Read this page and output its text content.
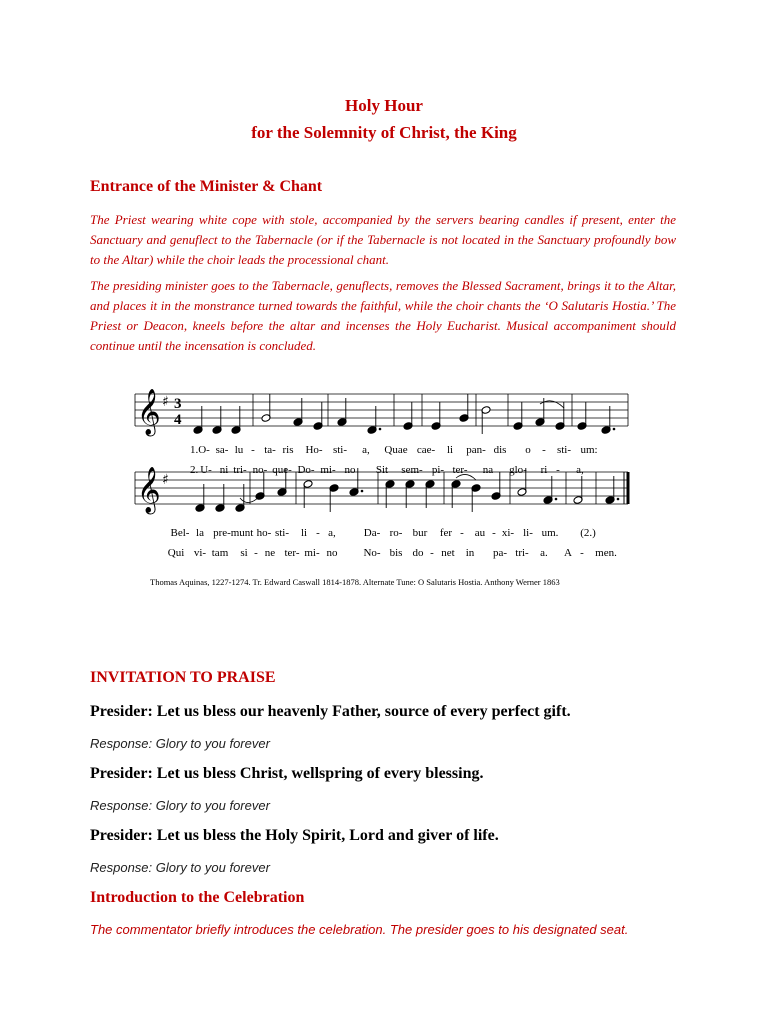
Holy Hour
for the Solemnity of Christ, the King
Entrance of the Minister & Chant
The Priest wearing white cope with stole, accompanied by the servers bearing candles if present, enter the Sanctuary and genuflect to the Tabernacle (or if the Tabernacle is not located in the Sanctuary profoundly bow to the Altar) while the choir leads the processional chant.
The presiding minister goes to the Tabernacle, genuflects, removes the Blessed Sacrament, brings it to the Altar, and places it in the monstrance turned towards the faithful, while the choir chants the ‘O Salutaris Hostia.’ The Priest or Deacon, kneels before the altar and incenses the Holy Eucharist. Musical accompaniment should continue until the incensation is concluded.
𝄞 ♯ 3
4
𝄞 ♯
O- sa- lu - ta- ris Ho- sti- a, Quae cae- li pan- dis o - sti- um:
U- ni tri- no- que- Do- mi- no Sit sem- pi- ter- na glo- ri - a,
Bel- la pre- munt ho- sti- li - a,	Da- ro- bur fer - au - xi- li- um. (2.)
Qui vi- tam si - ne ter- mi- no No- bis do - net in pa- tri- a. A - men.
1.
2.
Thomas Aquinas, 1227-1274. Tr. Edward Caswall 1814-1878. Alternate Tune: O Salutaris Hostia. Anthony Werner 1863
INVITATION TO PRAISE
Presider: Let us bless our heavenly Father, source of every perfect gift.
Response: Glory to you forever
Presider: Let us bless Christ, wellspring of every blessing.
Response: Glory to you forever
Presider: Let us bless the Holy Spirit, Lord and giver of life.
Response: Glory to you forever
Introduction to the Celebration
The commentator briefly introduces the celebration. The presider goes to his designated seat.
